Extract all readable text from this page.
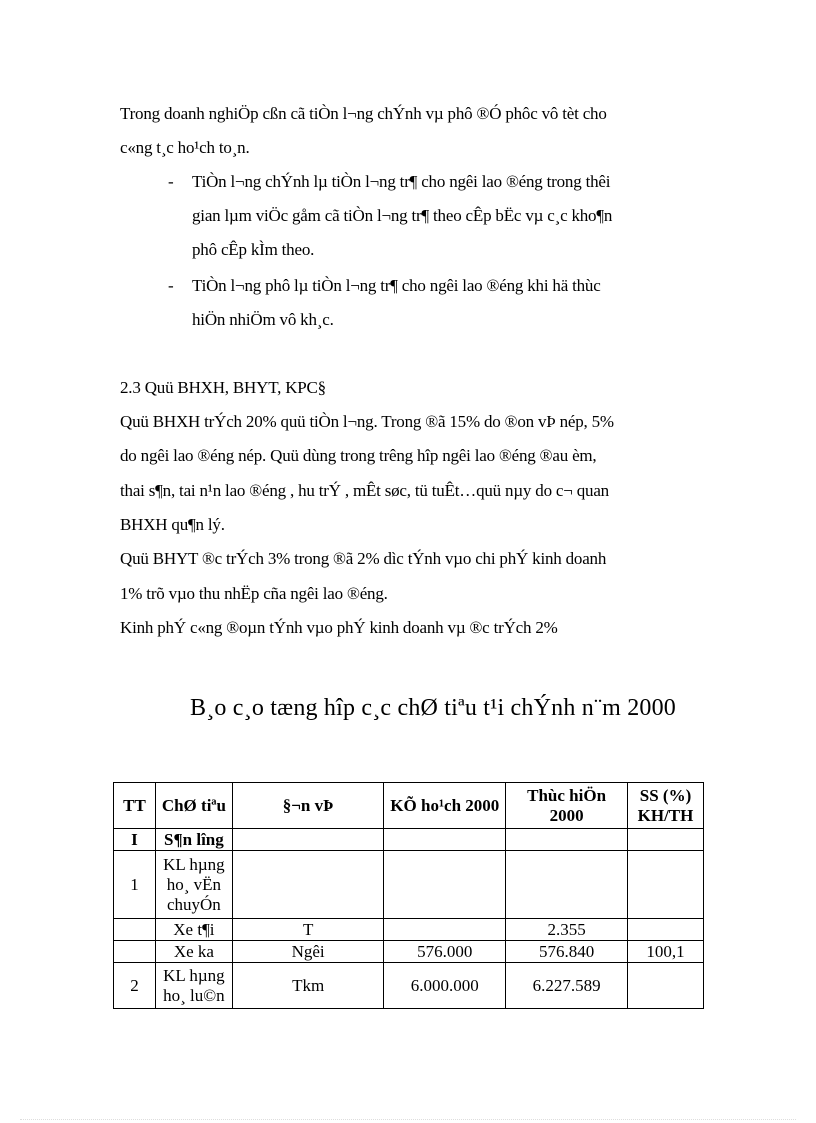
Trong doanh nghiÖp cßn cã tiÒn l¬ng chÝnh vµ phô ®Ó phôc vô tèt cho
c«ng t¸c ho¹ch to¸n.
- TiÒn l¬ng chÝnh lµ tiÒn l¬ng tr¶ cho ngêi lao ®éng trong thêi
gian lµm viÖc gåm cã tiÒn l¬ng tr¶ theo cÊp bËc vµ c¸c kho¶n
phô cÊp kÌm theo.
- TiÒn l¬ng phô lµ tiÒn l¬ng tr¶ cho ngêi lao ®éng khi hä thùc
hiÖn nhiÖm vô kh¸c.
2.3 Quü BHXH, BHYT, KPC§
Quü BHXH trÝch 20% quü tiÒn l¬ng. Trong ®ã 15% do ®on vÞ nép, 5%
do ngêi lao ®éng nép. Quü dùng trong trêng hîp ngêi lao ®éng ®au èm,
thai s¶n, tai n¹n lao ®éng , hu trÝ , mÊt søc, tü tuÊt…quü nµy do c¬ quan
BHXH qu¶n lý.
Quü BHYT ®c trÝch 3% trong ®ã 2% dìc tÝnh vµo chi phÝ kinh doanh
1% trõ vµo thu nhËp cña ngêi lao ®éng.
Kinh phÝ c«ng ®oµn tÝnh vµo phÝ kinh doanh vµ ®c trÝch 2%
B¸o c¸o tæng hîp c¸c chØ tiªu t¹i chÝnh n¨m 2000
TT	ChØ tiªu	§¬n vÞ	KÕ ho¹ch 2000	Thùc hiÖn 2000	SS (%) KH/TH
I	S¶n lîng				
1	KL hµng ho¸ vËn chuyÓn				
	Xe t¶i	T		2.355	
	Xe ka	Ngêi	576.000	576.840	100,1
2	KL hµng ho¸ lu©n	Tkm	6.000.000	6.227.589	
